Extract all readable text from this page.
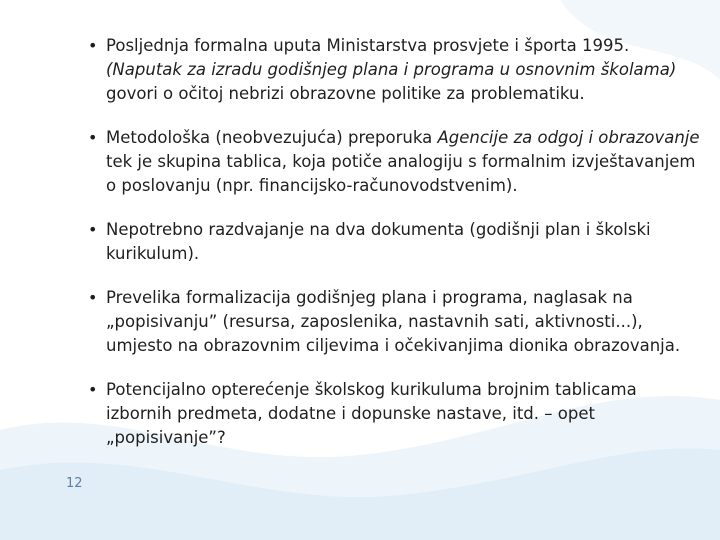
• Posljednja formalna uputa Ministarstva prosvjete i športa 1995. (Naputak za izradu godišnjeg plana i programa u osnovnim školama) govori o očitoj nebrizi obrazovne politike za problematiku.
• Metodološka (neobvezujuća) preporuka Agencije za odgoj i obrazovanje tek je skupina tablica, koja potiče analogiju s formalnim izvještavanjem o poslovanju (npr. financijsko-računovodstvenim).
• Nepotrebno razdvajanje na dva dokumenta (godišnji plan i školski kurikulum).
• Prevelika formalizacija godišnjeg plana i programa, naglasak na „popisivanju” (resursa, zaposlenika, nastavnih sati, aktivnosti...), umjesto na obrazovnim ciljevima i očekivanjima dionika obrazovanja.
• Potencijalno opterećenje školskog kurikuluma brojnim tablicama izbornih predmeta, dodatne i dopunske nastave, itd. – opet „popisivanje”?
12
